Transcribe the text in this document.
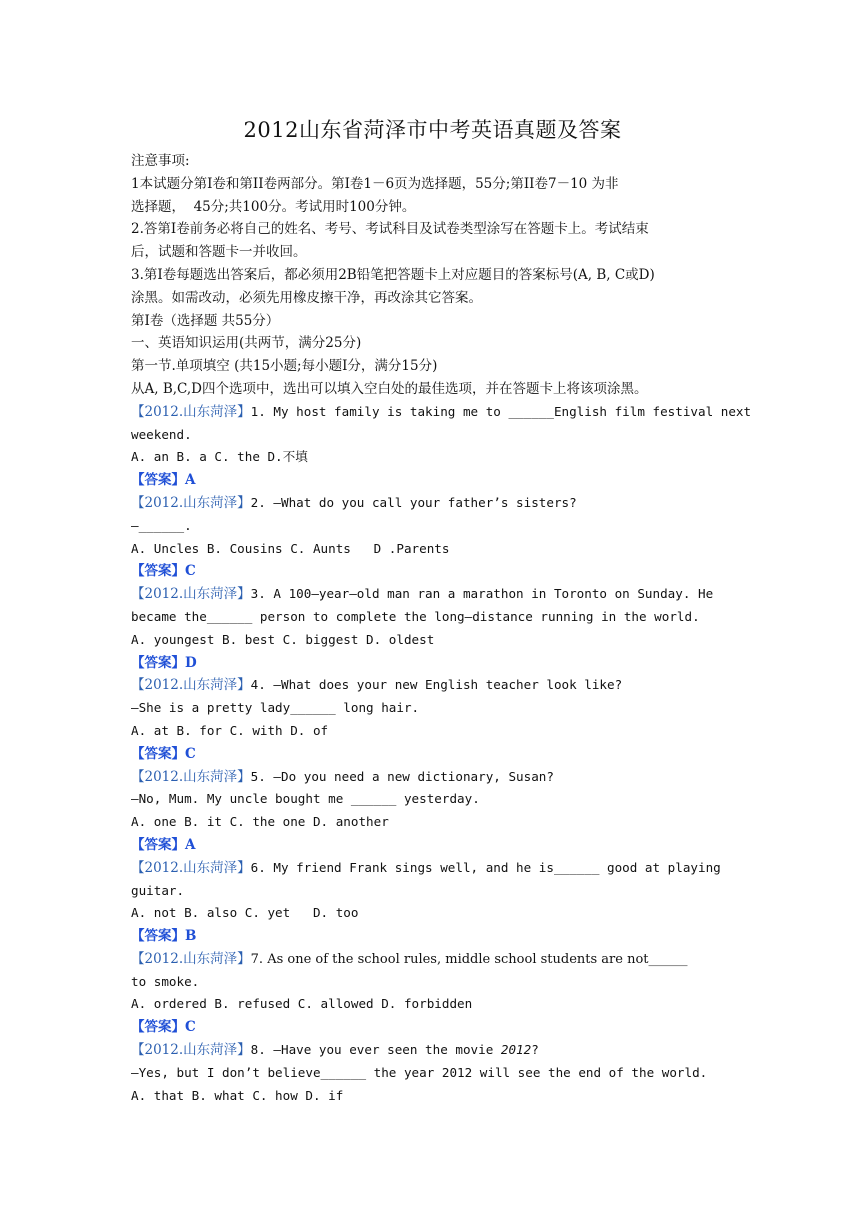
2012山东省菏泽市中考英语真题及答案
注意事项:
1本试题分第Ⅰ卷和第II卷两部分。第Ⅰ卷1－6页为选择题，55分;第II卷7－10 为非
选择题，  45分;共100分。考试用时100分钟。
2.答第Ⅰ卷前务必将自己的姓名、考号、考试科目及试卷类型涂写在答题卡上。考试结束
后，试题和答题卡一并收回。
3.第Ⅰ卷每题选出答案后，都必须用2B铅笔把答题卡上对应题目的答案标号(A, B, C或D)
涂黑。如需改动，必须先用橡皮擦干净，再改涂其它答案。
第Ⅰ卷（选择题 共55分）
一、英语知识运用(共两节，满分25分)
第一节.单项填空 (共15小题;每小题Ⅰ分，满分15分)
从A, B,C,D四个选项中，选出可以填入空白处的最佳选项，并在答题卡上将该项涂黑。
【2012.山东菏泽】1. My host family is taking me to ______English film festival next
weekend.
A. an B. a C. the D.不填
【答案】A
【2012.山东菏泽】2. —What do you call your father’s sisters?
—______.
A. Uncles B. Cousins C. Aunts   D .Parents
【答案】C
【2012.山东菏泽】3. A 100—year—old man ran a marathon in Toronto on Sunday. He
became the______ person to complete the long—distance running in the world.
A. youngest B. best C. biggest D. oldest
【答案】D
【2012.山东菏泽】4. —What does your new English teacher look like?
—She is a pretty lady______ long hair.
A. at B. for C. with D. of
【答案】C
【2012.山东菏泽】5. —Do you need a new dictionary, Susan?
—No, Mum. My uncle bought me ______ yesterday.
A. one B. it C. the one D. another
【答案】A
【2012.山东菏泽】6. My friend Frank sings well, and he is______ good at playing
guitar.
A. not B. also C. yet   D. too
【答案】B
【2012.山东菏泽】7. As one of the school rules, middle school students are not______
to smoke.
A. ordered B. refused C. allowed D. forbidden
【答案】C
【2012.山东菏泽】8. —Have you ever seen the movie 2012?
—Yes, but I don’t believe______ the year 2012 will see the end of the world.
A. that B. what C. how D. if
